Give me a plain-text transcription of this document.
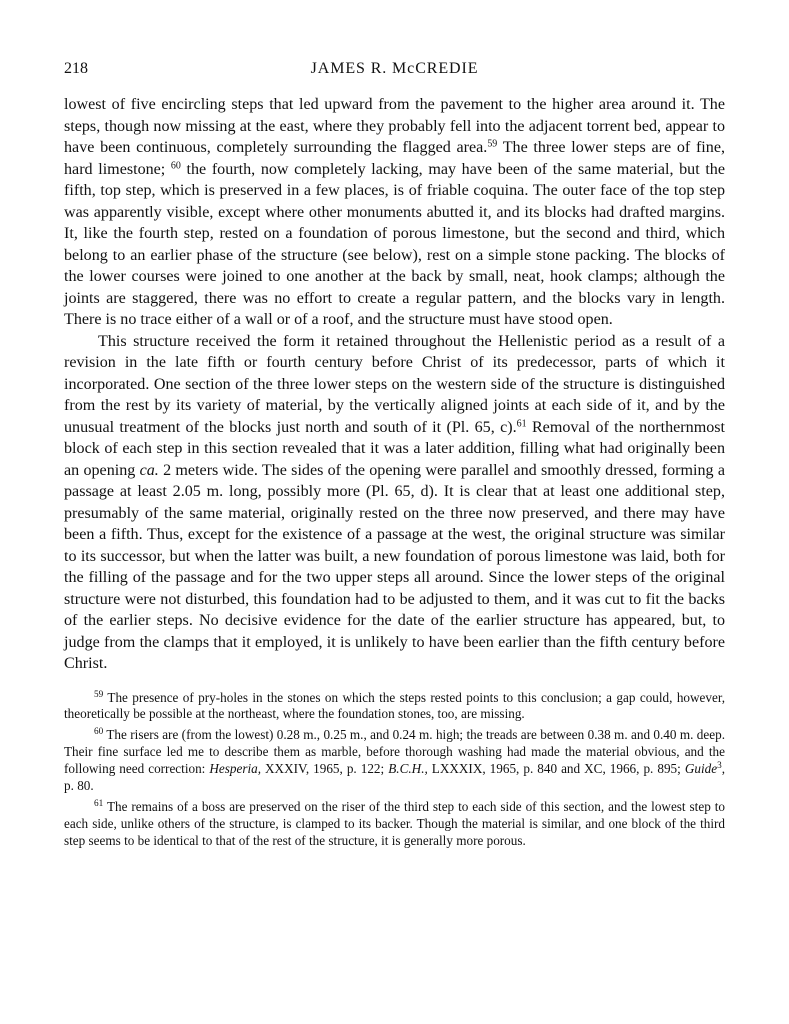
218	JAMES R. McCREDIE

lowest of five encircling steps that led upward from the pavement to the higher area around it. The steps, though now missing at the east, where they probably fell into the adjacent torrent bed, appear to have been continuous, completely surrounding the flagged area.$^{59}$ The three lower steps are of fine, hard limestone; $^{60}$ the fourth, now completely lacking, may have been of the same material, but the fifth, top step, which is preserved in a few places, is of friable coquina. The outer face of the top step was apparently visible, except where other monuments abutted it, and its blocks had drafted margins. It, like the fourth step, rested on a foundation of porous limestone, but the second and third, which belong to an earlier phase of the structure (see below), rest on a simple stone packing. The blocks of the lower courses were joined to one another at the back by small, neat, hook clamps; although the joints are staggered, there was no effort to create a regular pattern, and the blocks vary in length. There is no trace either of a wall or of a roof, and the structure must have stood open.

This structure received the form it retained throughout the Hellenistic period as a result of a revision in the late fifth or fourth century before Christ of its predecessor, parts of which it incorporated. One section of the three lower steps on the western side of the structure is distinguished from the rest by its variety of material, by the vertically aligned joints at each side of it, and by the unusual treatment of the blocks just north and south of it (Pl. 65, c).$^{61}$ Removal of the northernmost block of each step in this section revealed that it was a later addition, filling what had originally been an opening ca. 2 meters wide. The sides of the opening were parallel and smoothly dressed, forming a passage at least 2.05 m. long, possibly more (Pl. 65, d). It is clear that at least one additional step, presumably of the same material, originally rested on the three now preserved, and there may have been a fifth. Thus, except for the existence of a passage at the west, the original structure was similar to its successor, but when the latter was built, a new foundation of porous limestone was laid, both for the filling of the passage and for the two upper steps all around. Since the lower steps of the original structure were not disturbed, this foundation had to be adjusted to them, and it was cut to fit the backs of the earlier steps. No decisive evidence for the date of the earlier structure has appeared, but, to judge from the clamps that it employed, it is unlikely to have been earlier than the fifth century before Christ.

$^{59}$ The presence of pry-holes in the stones on which the steps rested points to this conclusion; a gap could, however, theoretically be possible at the northeast, where the foundation stones, too, are missing.

$^{60}$ The risers are (from the lowest) 0.28 m., 0.25 m., and 0.24 m. high; the treads are between 0.38 m. and 0.40 m. deep. Their fine surface led me to describe them as marble, before thorough washing had made the material obvious, and the following need correction: Hesperia, XXXIV, 1965, p. 122; B.C.H., LXXXIX, 1965, p. 840 and XC, 1966, p. 895; Guide$^3$, p. 80.

$^{61}$ The remains of a boss are preserved on the riser of the third step to each side of this section, and the lowest step to each side, unlike others of the structure, is clamped to its backer. Though the material is similar, and one block of the third step seems to be identical to that of the rest of the structure, it is generally more porous.
